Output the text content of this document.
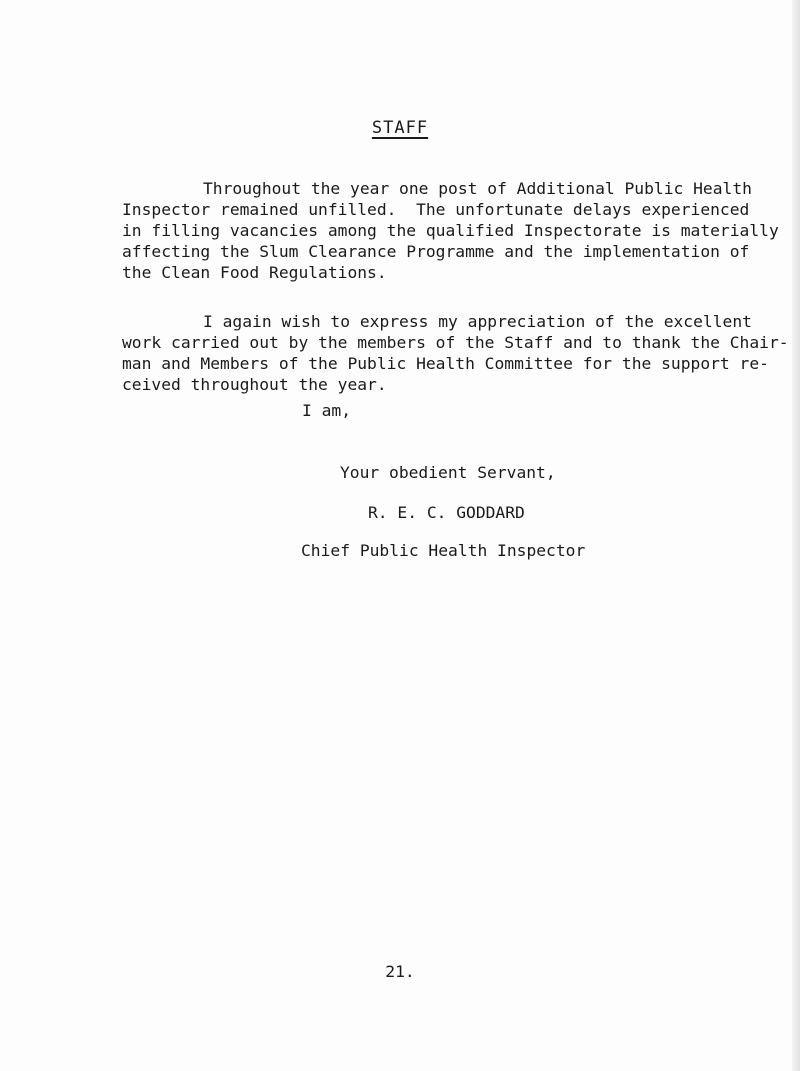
STAFF

Throughout the year one post of Additional Public Health

Inspector remained unfilled.  The unfortunate delays experienced

in filling vacancies among the qualified Inspectorate is materially

affecting the Slum Clearance Programme and the implementation of

the Clean Food Regulations.

I again wish to express my appreciation of the excellent

work carried out by the members of the Staff and to thank the Chair-

man and Members of the Public Health Committee for the support re-

ceived throughout the year.

I am,
Your obedient Servant,
R. E. C. GODDARD
Chief Public Health Inspector
21.
